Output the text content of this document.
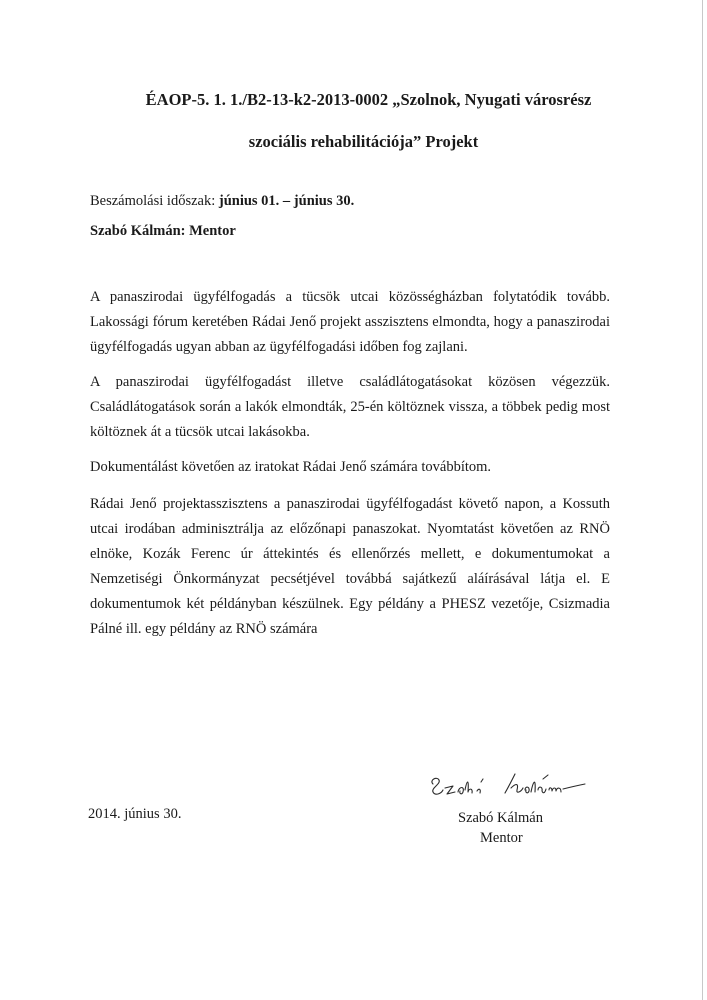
ÉAOP-5. 1. 1./B2-13-k2-2013-0002 „Szolnok, Nyugati városrész
szociális rehabilitációja” Projekt
Beszámolási időszak: június 01. – június 30.
Szabó Kálmán: Mentor
A panaszirodai ügyfélfogadás a tücsök utcai közösségházban folytatódik tovább. Lakossági fórum keretében Rádai Jenő projekt asszisztens elmondta, hogy a panaszirodai ügyfélfogadás ugyan abban az ügyfélfogadási időben fog zajlani.
A panaszirodai ügyfélfogadást illetve családlátogatásokat közösen végezzük. Családlátogatások során a lakók elmondták, 25-én költöznek vissza, a többek pedig most költöznek át a tücsök utcai lakásokba.
Dokumentálást követően az iratokat Rádai Jenő számára továbbítom.
Rádai Jenő projektasszisztens a panaszirodai ügyfélfogadást követő napon, a Kossuth utcai irodában adminisztrálja az előzőnapi panaszokat. Nyomtatást követően az RNÖ elnöke, Kozák Ferenc úr áttekintés és ellenőrzés mellett, e dokumentumokat a Nemzetiségi Önkormányzat pecsétjével továbbá sajátkezű aláírásával látja el. E dokumentumok két példányban készülnek. Egy példány a PHESZ vezetője, Csizmadia Pálné ill. egy példány az RNÖ számára
2014. június 30.	Szabó Kálmán
Mentor
